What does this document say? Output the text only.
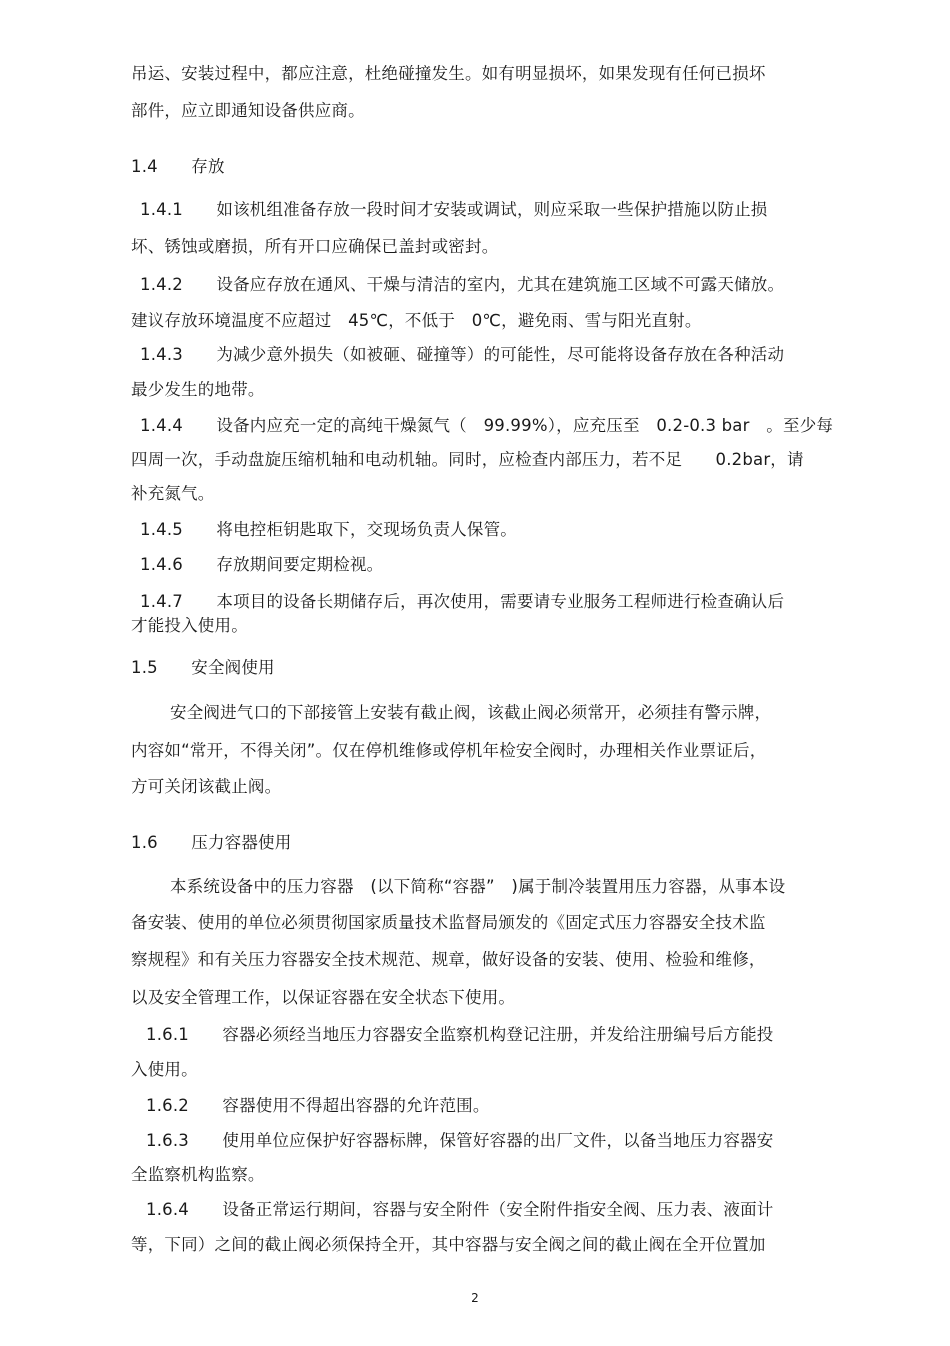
吊运、安装过程中，都应注意，杜绝碰撞发生。如有明显损坏，如果发现有任何已损坏
部件，应立即通知设备供应商。
1.4　　存放
1.4.1　　如该机组准备存放一段时间才安装或调试，则应采取一些保护措施以防止损
坏、锈蚀或磨损，所有开口应确保已盖封或密封。
1.4.2　　设备应存放在通风、干燥与清洁的室内，尤其在建筑施工区域不可露天储放。
建议存放环境温度不应超过　45℃，不低于　0℃，避免雨、雪与阳光直射。
1.4.3　　为减少意外损失（如被砸、碰撞等）的可能性，尽可能将设备存放在各种活动
最少发生的地带。
1.4.4　　设备内应充一定的高纯干燥氮气（　99.99%），应充压至　0.2-0.3 bar　。至少每
四周一次，手动盘旋压缩机轴和电动机轴。同时，应检查内部压力，若不足　　0.2bar，请
补充氮气。
1.4.5　　将电控柜钥匙取下，交现场负责人保管。
1.4.6　　存放期间要定期检视。
1.4.7　　本项目的设备长期储存后，再次使用，需要请专业服务工程师进行检查确认后
才能投入使用。
1.5　　安全阀使用
安全阀进气口的下部接管上安装有截止阀，该截止阀必须常开，必须挂有警示牌，
内容如“常开，不得关闭”。仅在停机维修或停机年检安全阀时，办理相关作业票证后，
方可关闭该截止阀。
1.6　　压力容器使用
本系统设备中的压力容器　(以下简称“容器”　)属于制冷装置用压力容器，从事本设
备安装、使用的单位必须贯彻国家质量技术监督局颁发的《固定式压力容器安全技术监
察规程》和有关压力容器安全技术规范、规章，做好设备的安装、使用、检验和维修，
以及安全管理工作，以保证容器在安全状态下使用。
1.6.1　　容器必须经当地压力容器安全监察机构登记注册，并发给注册编号后方能投
入使用。
1.6.2　　容器使用不得超出容器的允许范围。
1.6.3　　使用单位应保护好容器标牌，保管好容器的出厂文件，以备当地压力容器安
全监察机构监察。
1.6.4　　设备正常运行期间，容器与安全附件（安全附件指安全阀、压力表、液面计
等，下同）之间的截止阀必须保持全开，其中容器与安全阀之间的截止阀在全开位置加
2
